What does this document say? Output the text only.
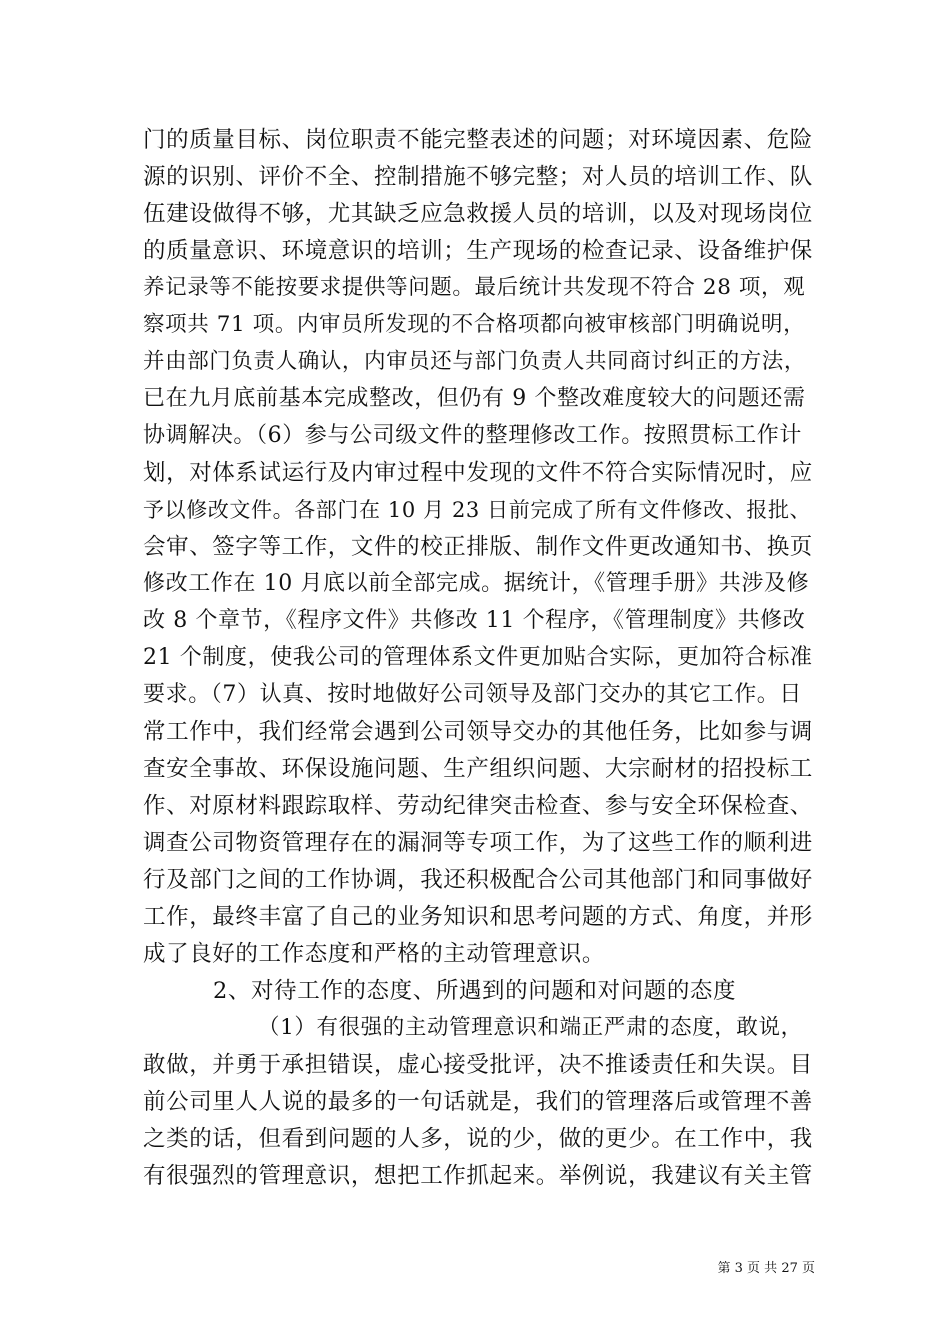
门的质量目标、岗位职责不能完整表述的问题；对环境因素、危险
源的识别、评价不全、控制措施不够完整；对人员的培训工作、队
伍建设做得不够，尤其缺乏应急救援人员的培训，以及对现场岗位
的质量意识、环境意识的培训；生产现场的检查记录、设备维护保
养记录等不能按要求提供等问题。最后统计共发现不符合 28 项，观
察项共 71 项。内审员所发现的不合格项都向被审核部门明确说明，
并由部门负责人确认，内审员还与部门负责人共同商讨纠正的方法，
已在九月底前基本完成整改，但仍有 9 个整改难度较大的问题还需
协调解决。（6）参与公司级文件的整理修改工作。按照贯标工作计
划，对体系试运行及内审过程中发现的文件不符合实际情况时，应
予以修改文件。各部门在 10 月 23 日前完成了所有文件修改、报批、
会审、签字等工作，文件的校正排版、制作文件更改通知书、换页
修改工作在 10 月底以前全部完成。据统计，《管理手册》共涉及修
改 8 个章节，《程序文件》共修改 11 个程序，《管理制度》共修改
21 个制度，使我公司的管理体系文件更加贴合实际，更加符合标准
要求。（7）认真、按时地做好公司领导及部门交办的其它工作。日
常工作中，我们经常会遇到公司领导交办的其他任务，比如参与调
查安全事故、环保设施问题、生产组织问题、大宗耐材的招投标工
作、对原材料跟踪取样、劳动纪律突击检查、参与安全环保检查、
调查公司物资管理存在的漏洞等专项工作，为了这些工作的顺利进
行及部门之间的工作协调，我还积极配合公司其他部门和同事做好
工作，最终丰富了自己的业务知识和思考问题的方式、角度，并形
成了良好的工作态度和严格的主动管理意识。
2、对待工作的态度、所遇到的问题和对问题的态度
（1）有很强的主动管理意识和端正严肃的态度，敢说，
敢做，并勇于承担错误，虚心接受批评，决不推诿责任和失误。目
前公司里人人说的最多的一句话就是，我们的管理落后或管理不善
之类的话，但看到问题的人多，说的少，做的更少。在工作中，我
有很强烈的管理意识，想把工作抓起来。举例说，我建议有关主管
第 3 页 共 27 页
